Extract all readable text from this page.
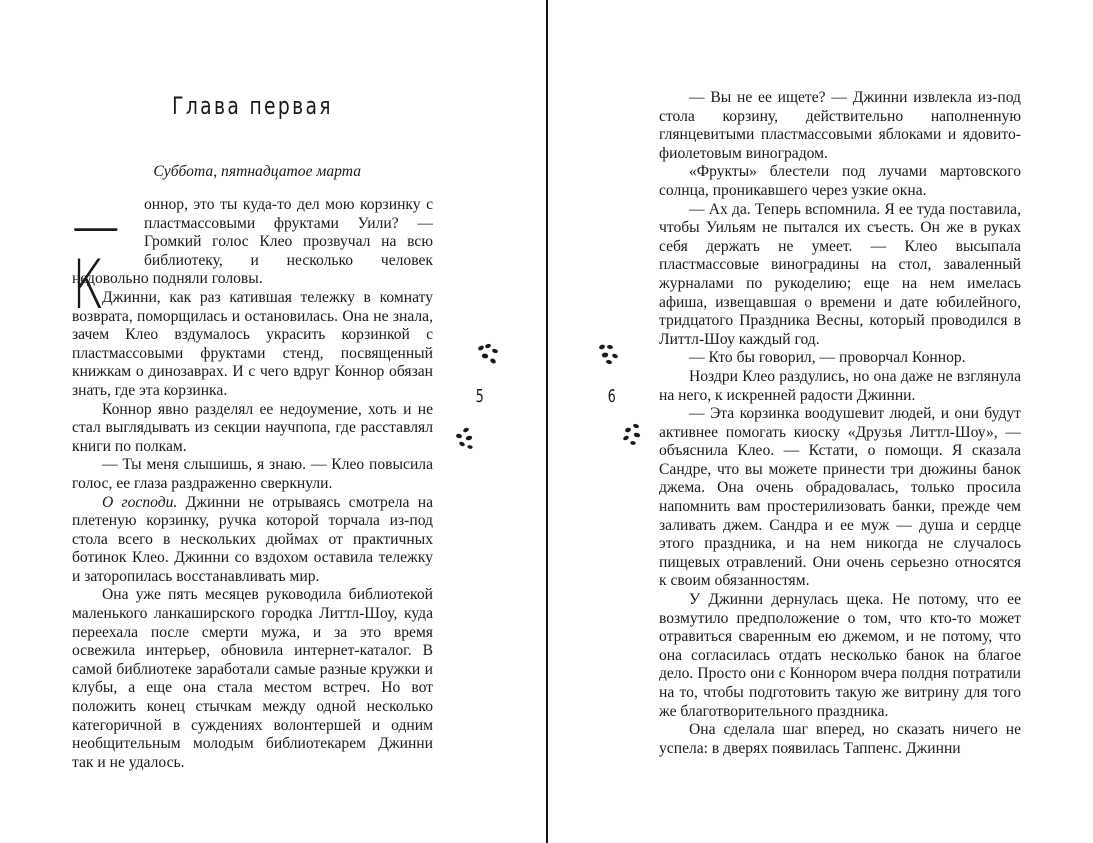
Глава первая

Суббота, пятнадцатое марта

—К
оннор, это ты куда-то дел мою корзинку с пластмассовыми фруктами Уили? — Громкий голос Клео прозвучал на всю библиотеку, и несколько человек недовольно подняли головы.

Джинни, как раз катившая тележку в комнату возврата, поморщилась и остановилась. Она не знала, зачем Клео вздумалось украсить корзинкой с пластмассовыми фруктами стенд, посвященный книжкам о динозаврах. И с чего вдруг Коннор обязан знать, где эта корзинка.

Коннор явно разделял ее недоумение, хоть и не стал выглядывать из секции научпопа, где расставлял книги по полкам.

— Ты меня слышишь, я знаю. — Клео повысила голос, ее глаза раздраженно сверкнули.

О господи. Джинни не отрываясь смотрела на плетеную корзинку, ручка которой торчала из-под стола всего в нескольких дюймах от практичных ботинок Клео. Джинни со вздохом оставила тележку и заторопилась восстанавливать мир.

Она уже пять месяцев руководила библиотекой маленького ланкаширского городка Литтл-Шоу, куда переехала после смерти мужа, и за это время освежила интерьер, обновила интернет-каталог. В самой библиотеке заработали самые разные кружки и клубы, а еще она стала местом встреч. Но вот положить конец стычкам между одной несколько категоричной в суждениях волонтершей и одним необщительным молодым библиотекарем Джинни так и не удалось.

5	6

— Вы не ее ищете? — Джинни извлекла из-под стола корзину, действительно наполненную глянцевитыми пластмассовыми яблоками и ядовито-фиолетовым виноградом.

«Фрукты» блестели под лучами мартовского солнца, проникавшего через узкие окна.

— Ах да. Теперь вспомнила. Я ее туда поставила, чтобы Уильям не пытался их съесть. Он же в руках себя держать не умеет. — Клео высыпала пластмассовые виноградины на стол, заваленный журналами по рукоделию; еще на нем имелась афиша, извещавшая о времени и дате юбилейного, тридцатого Праздника Весны, который проводился в Литтл-Шоу каждый год.

— Кто бы говорил, — проворчал Коннор.

Ноздри Клео раздулись, но она даже не взглянула на него, к искренней радости Джинни.

— Эта корзинка воодушевит людей, и они будут активнее помогать киоску «Друзья Литтл-Шоу», — объяснила Клео. — Кстати, о помощи. Я сказала Сандре, что вы можете принести три дюжины банок джема. Она очень обрадовалась, только просила напомнить вам простерилизовать банки, прежде чем заливать джем. Сандра и ее муж — душа и сердце этого праздника, и на нем никогда не случалось пищевых отравлений. Они очень серьезно относятся к своим обязанностям.

У Джинни дернулась щека. Не потому, что ее возмутило предположение о том, что кто-то может отравиться сваренным ею джемом, и не потому, что она согласилась отдать несколько банок на благое дело. Просто они с Коннором вчера полдня потратили на то, чтобы подготовить такую же витрину для того же благотворительного праздника.

Она сделала шаг вперед, но сказать ничего не успела: в дверях появилась Таппенс. Джинни
